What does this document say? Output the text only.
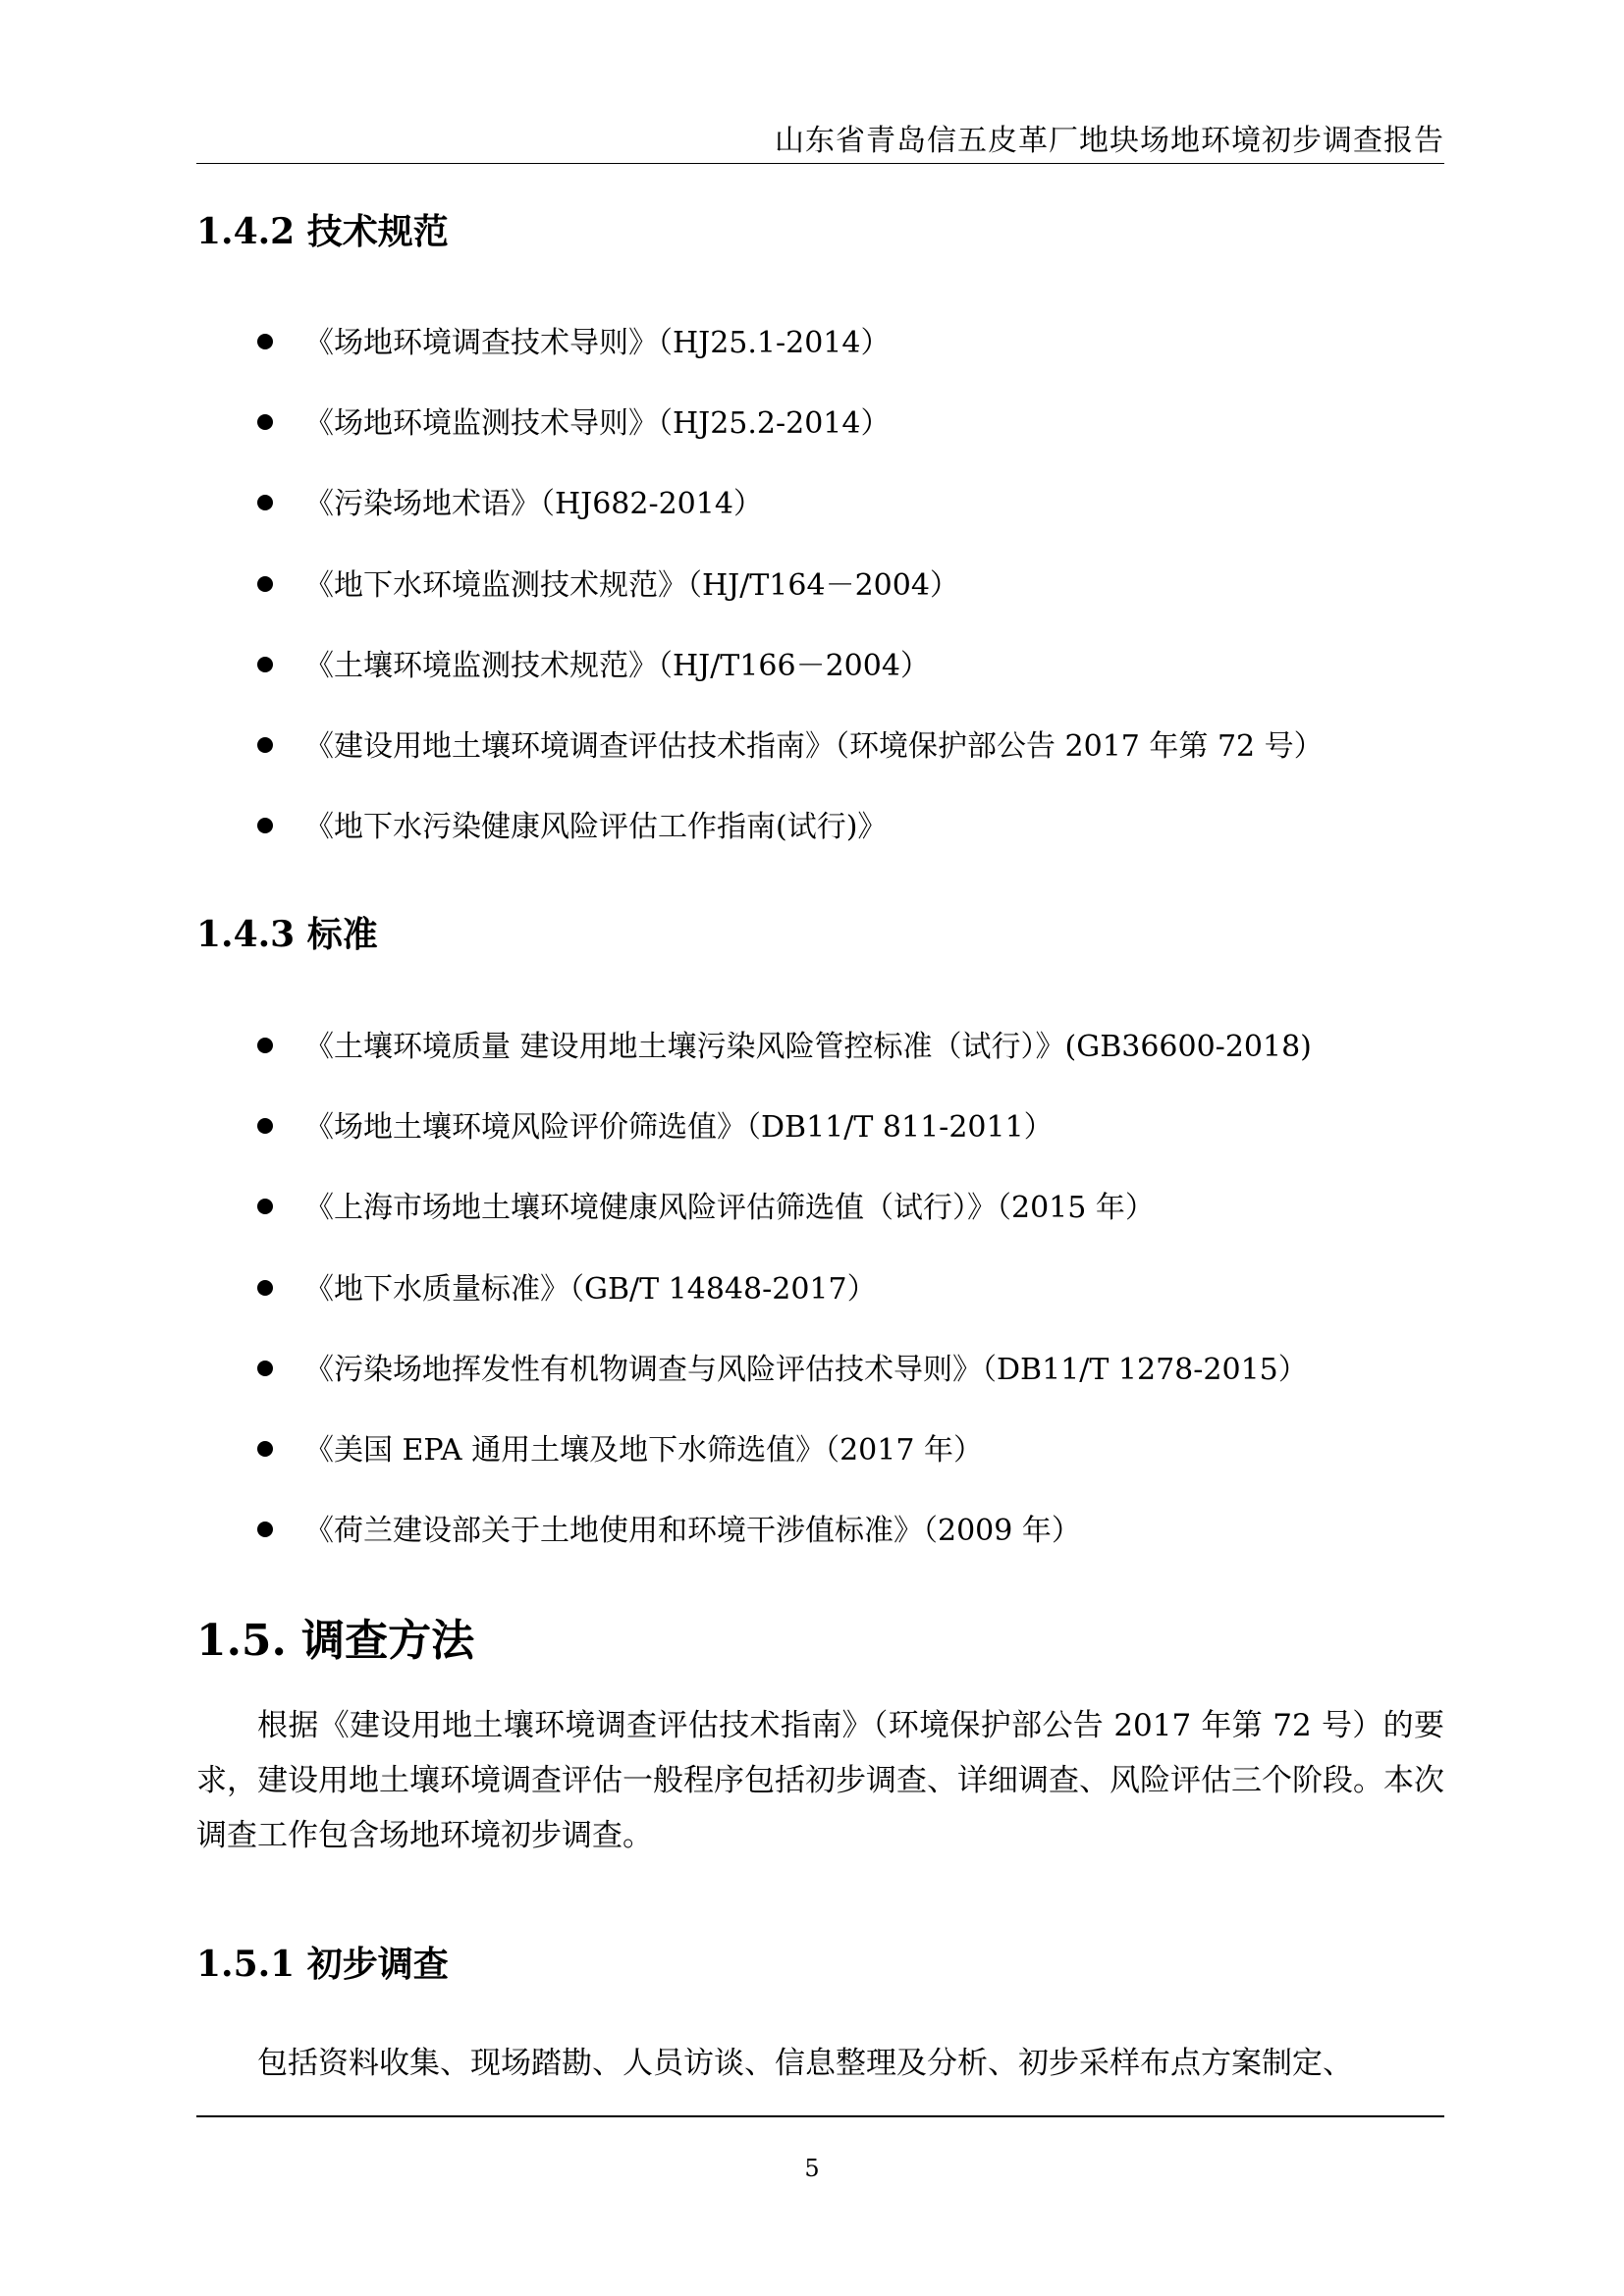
山东省青岛信五皮革厂地块场地环境初步调查报告
1.4.2 技术规范
《场地环境调查技术导则》（HJ25.1-2014）
《场地环境监测技术导则》（HJ25.2-2014）
《污染场地术语》（HJ682-2014）
《地下水环境监测技术规范》（HJ/T164－2004）
《土壤环境监测技术规范》（HJ/T166－2004）
《建设用地土壤环境调查评估技术指南》（环境保护部公告 2017 年第 72 号）
《地下水污染健康风险评估工作指南(试行)》
1.4.3 标准
《土壤环境质量 建设用地土壤污染风险管控标准（试行）》(GB36600-2018)
《场地土壤环境风险评价筛选值》（DB11/T 811-2011）
《上海市场地土壤环境健康风险评估筛选值（试行）》（2015 年）
《地下水质量标准》（GB/T 14848-2017）
《污染场地挥发性有机物调查与风险评估技术导则》（DB11/T 1278-2015）
《美国 EPA 通用土壤及地下水筛选值》（2017 年）
《荷兰建设部关于土地使用和环境干涉值标准》（2009 年）
1.5. 调查方法

根据《建设用地土壤环境调查评估技术指南》（环境保护部公告 2017 年第 72 号）的要求，建设用地土壤环境调查评估一般程序包括初步调查、详细调查、风险评估三个阶段。本次调查工作包含场地环境初步调查。

1.5.1 初步调查

包括资料收集、现场踏勘、人员访谈、信息整理及分析、初步采样布点方案制定、

5
